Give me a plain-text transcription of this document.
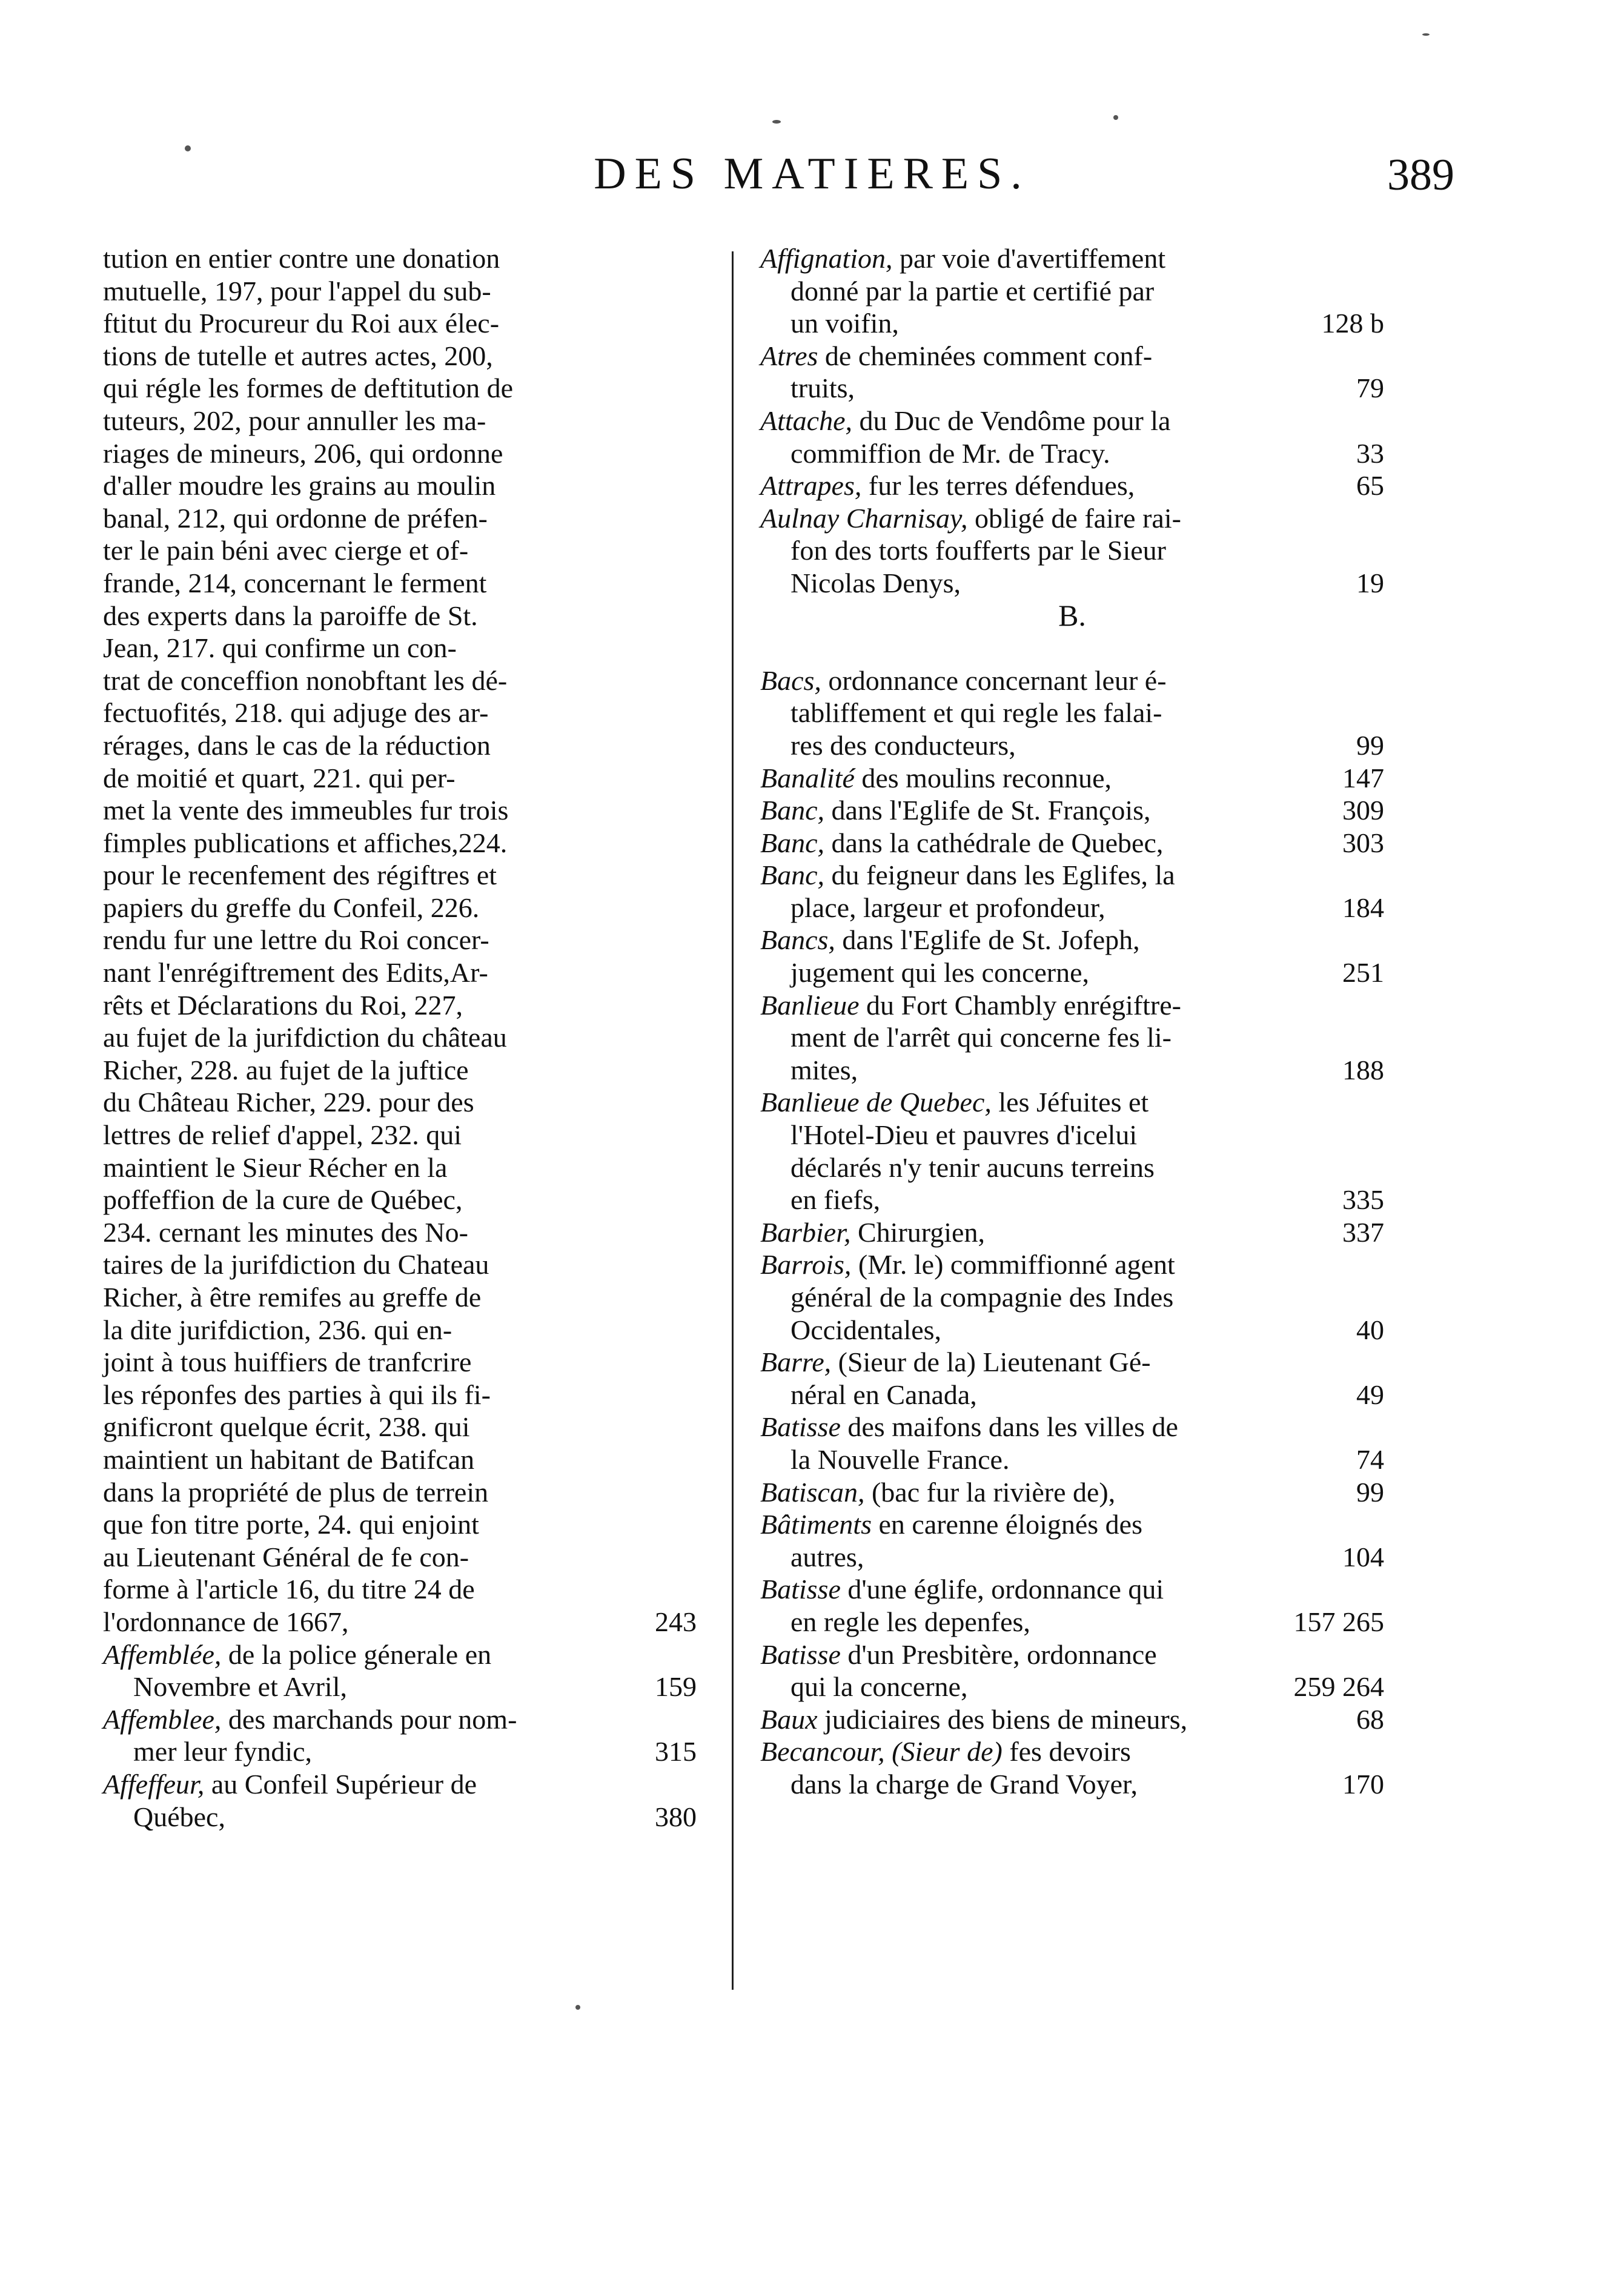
DES MATIERES.	389
tution en entier contre une donation
mutuelle, 197, pour l'appel du sub-
ftitut du Procureur du Roi aux élec-
tions de tutelle et autres actes, 200,
qui régle les formes de deftitution de
tuteurs, 202, pour annuller les ma-
riages de mineurs, 206, qui ordonne
d'aller moudre les grains au moulin
banal, 212, qui ordonne de préfen-
ter le pain béni avec cierge et of-
frande, 214, concernant le ferment
des experts dans la paroiffe de St.
Jean, 217. qui confirme un con-
trat de conceffion nonobftant les dé-
fectuofités, 218. qui adjuge des ar-
rérages, dans le cas de la réduction
de moitié et quart, 221. qui per-
met la vente des immeubles fur trois
fimples publications et affiches,224.
pour le recenfement des régiftres et
papiers du greffe du Confeil, 226.
rendu fur une lettre du Roi concer-
nant l'enrégiftrement des Edits,Ar-
rêts et Déclarations du Roi, 227,
au fujet de la jurifdiction du château
Richer, 228. au fujet de la juftice
du Château Richer, 229. pour des
lettres de relief d'appel, 232. qui
maintient le Sieur Récher en la
poffeffion de la cure de Québec,
234. cernant les minutes des No-
taires de la jurifdiction du Chateau
Richer, à être remifes au greffe de
la dite jurifdiction, 236. qui en-
joint à tous huiffiers de tranfcrire
les réponfes des parties à qui ils fi-
gnificront quelque écrit, 238. qui
maintient un habitant de Batifcan
dans la propriété de plus de terrein
que fon titre porte, 24. qui enjoint
au Lieutenant Général de fe con-
forme à l'article 16, du titre 24 de
l'ordonnance de 1667,	243
Affemblée, de la police génerale en
Novembre et Avril,	159
Affemblee, des marchands pour nom-
mer leur fyndic,	315
Affeffeur, au Confeil Supérieur de
Québec,	380
Affignation, par voie d'avertiffement
donné par la partie et certifié par
un voifin,	128 b
Atres de cheminées comment conf-
truits,	79
Attache, du Duc de Vendôme pour la
commiffion de Mr. de Tracy.	33
Attrapes, fur les terres défendues,	65
Aulnay Charnisay, obligé de faire rai-
fon des torts foufferts par le Sieur
Nicolas Denys,	19
B.
Bacs, ordonnance concernant leur é-
tabliffement et qui regle les falai-
res des conducteurs,	99
Banalité des moulins reconnue,	147
Banc, dans l'Eglife de St. François,	309
Banc, dans la cathédrale de Quebec,	303
Banc, du feigneur dans les Eglifes, la
place, largeur et profondeur,	184
Bancs, dans l'Eglife de St. Jofeph,
jugement qui les concerne,	251
Banlieue du Fort Chambly enrégiftre-
ment de l'arrêt qui concerne fes li-
mites,	188
Banlieue de Quebec, les Jéfuites et
l'Hotel-Dieu et pauvres d'icelui
déclarés n'y tenir aucuns terreins
en fiefs,	335
Barbier, Chirurgien,	337
Barrois, (Mr. le) commiffionné agent
général de la compagnie des Indes
Occidentales,	40
Barre, (Sieur de la) Lieutenant Gé-
néral en Canada,	49
Batisse des maifons dans les villes de
la Nouvelle France.	74
Batiscan, (bac fur la rivière de),	99
Bâtiments en carenne éloignés des
autres,	104
Batisse d'une églife, ordonnance qui
en regle les depenfes,	157 265
Batisse d'un Presbitère, ordonnance
qui la concerne,	259 264
Baux judiciaires des biens de mineurs,	68
Becancour, (Sieur de) fes devoirs
dans la charge de Grand Voyer,	170
